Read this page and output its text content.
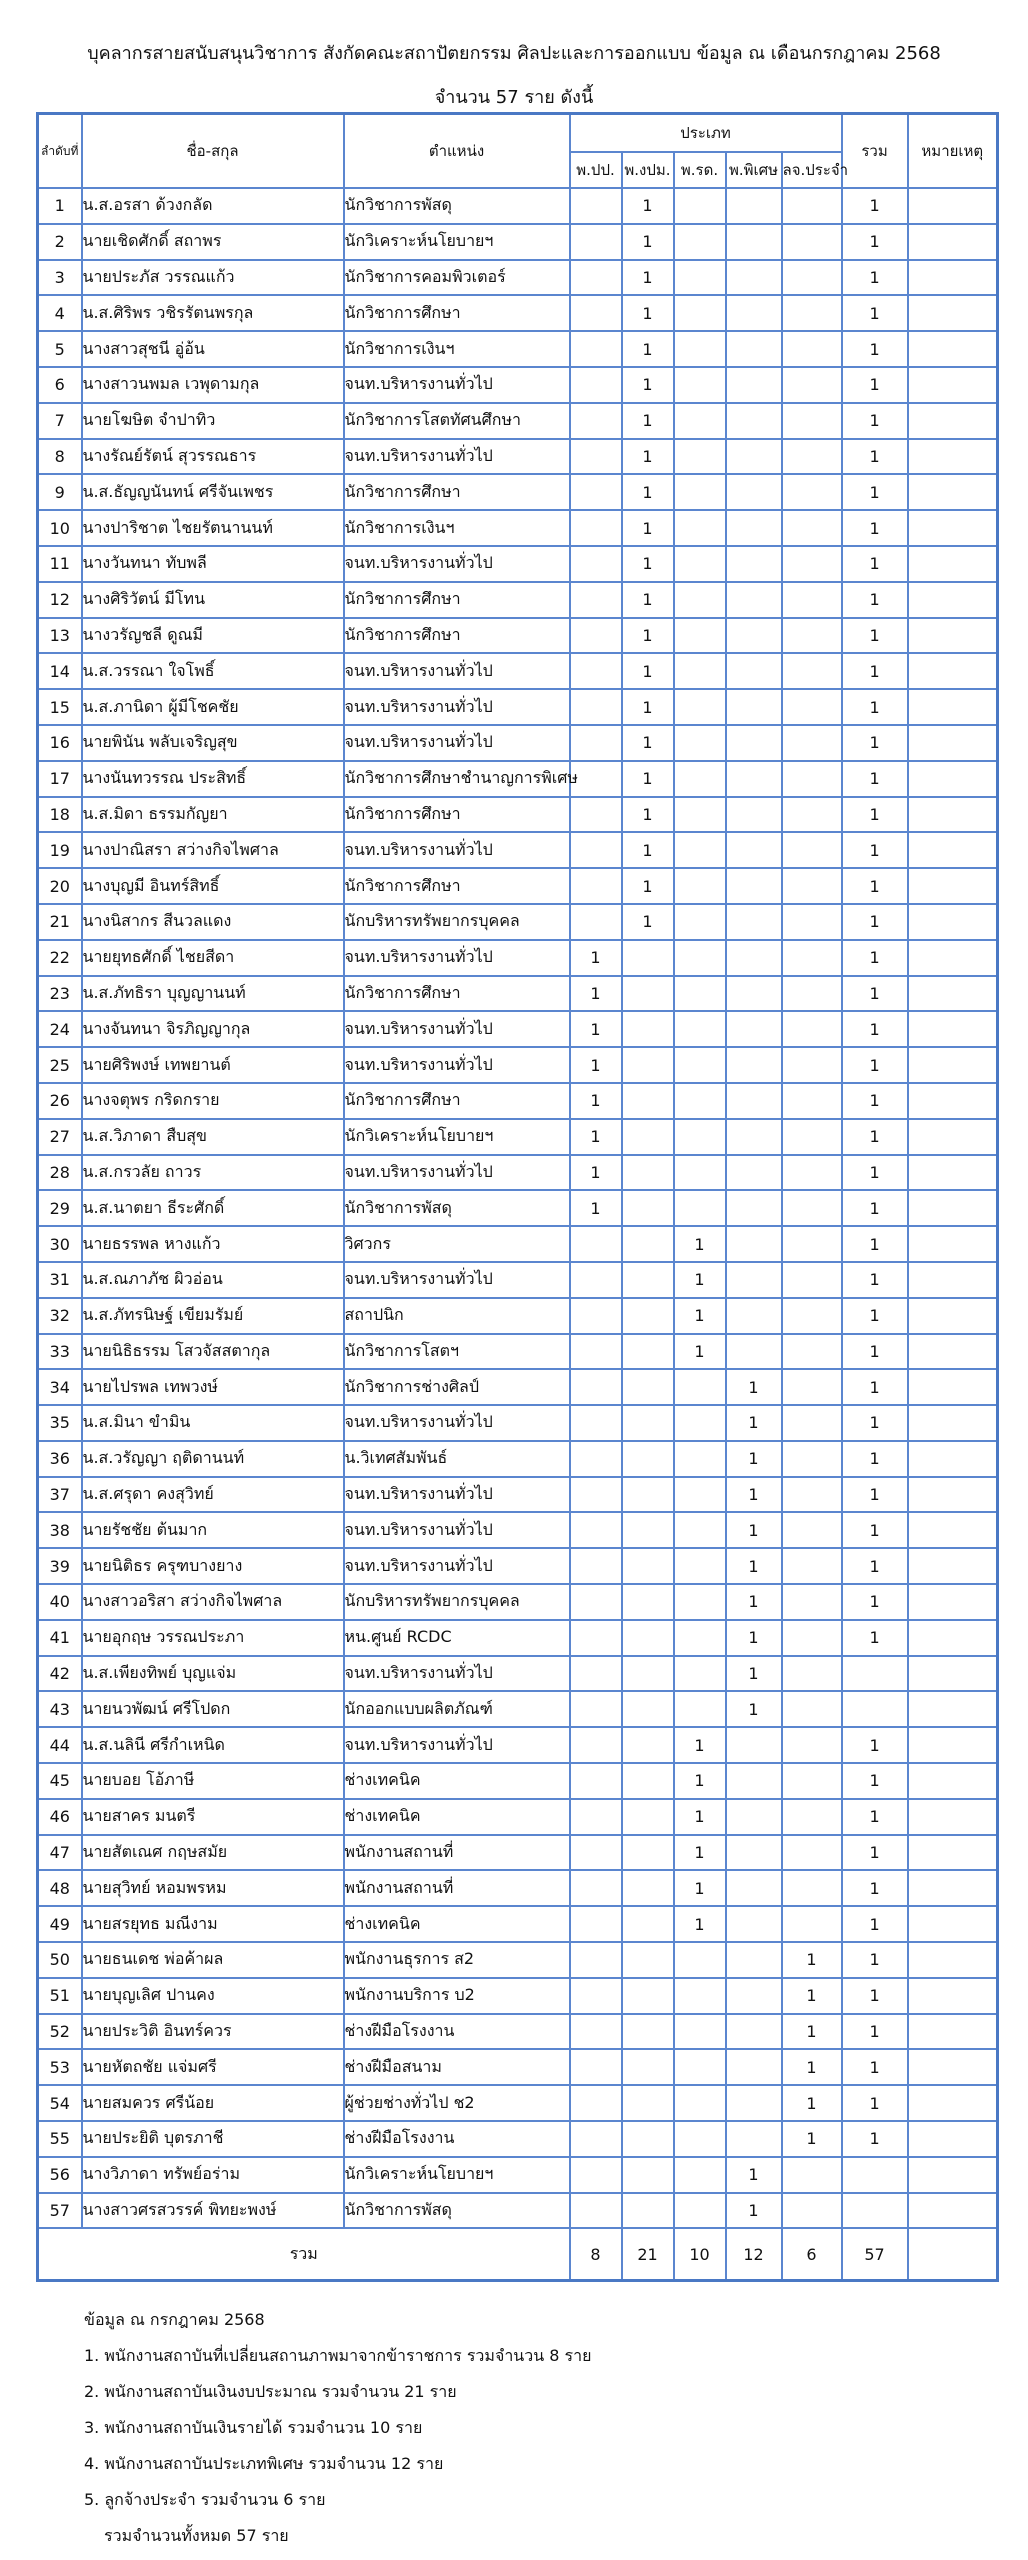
บุคลากรสายสนับสนุนวิชาการ สังกัดคณะสถาปัตยกรรม ศิลปะและการออกแบบ ข้อมูล ณ เดือนกรกฎาคม 2568
จำนวน 57 ราย ดังนี้
ลำดับที่	ชื่อ-สกุล	ตำแหน่ง	ประเภท					รวม	หมายเหตุ
			พ.ปป.	พ.งปม.	พ.รด.	พ.พิเศษ	ลจ.ประจำ		
1	น.ส.อรสา ด้วงกลัด	นักวิชาการพัสดุ		1				1	
2	นายเชิดศักดิ์ สถาพร	นักวิเคราะห์นโยบายฯ		1				1	
3	นายประภัส วรรณแก้ว	นักวิชาการคอมพิวเตอร์		1				1	
4	น.ส.ศิริพร วชิรรัตนพรกุล	นักวิชาการศึกษา		1				1	
5	นางสาวสุชนี อู่อ้น	นักวิชาการเงินฯ		1				1	
6	นางสาวนพมล เวพุดามกุล	จนท.บริหารงานทั่วไป		1				1	
7	นายโฆษิต จำปาทิว	นักวิชาการโสตทัศนศึกษา		1				1	
8	นางรัณย์รัตน์ สุวรรณธาร	จนท.บริหารงานทั่วไป		1				1	
9	น.ส.ธัญญนันทน์ ศรีจันเพชร	นักวิชาการศึกษา		1				1	
10	นางปาริชาต ไชยรัตนานนท์	นักวิชาการเงินฯ		1				1	
11	นางวันทนา ทับพลี	จนท.บริหารงานทั่วไป		1				1	
12	นางศิริวัตน์ มีโทน	นักวิชาการศึกษา		1				1	
13	นางวรัญชลี ดูณมี	นักวิชาการศึกษา		1				1	
14	น.ส.วรรณา ใจโพธิ์	จนท.บริหารงานทั่วไป		1				1	
15	น.ส.ภานิดา ผู้มีโชคชัย	จนท.บริหารงานทั่วไป		1				1	
16	นายพินัน พลับเจริญสุข	จนท.บริหารงานทั่วไป		1				1	
17	นางนันทวรรณ ประสิทธิ์	นักวิชาการศึกษาชำนาญการพิเศษ		1				1	
18	น.ส.มิดา ธรรมกัญยา	นักวิชาการศึกษา		1				1	
19	นางปาณิสรา สว่างกิจไพศาล	จนท.บริหารงานทั่วไป		1				1	
20	นางบุญมี อินทร์สิทธิ์	นักวิชาการศึกษา		1				1	
21	นางนิสากร สีนวลแดง	นักบริหารทรัพยากรบุคคล		1				1	
22	นายยุทธศักดิ์ ไชยสีดา	จนท.บริหารงานทั่วไป	1					1	
23	น.ส.ภัทธิรา บุญญานนท์	นักวิชาการศึกษา	1					1	
24	นางจันทนา จิรภิญญากุล	จนท.บริหารงานทั่วไป	1					1	
25	นายศิริพงษ์ เทพยานต์	จนท.บริหารงานทั่วไป	1					1	
26	นางจตุพร กริดกราย	นักวิชาการศึกษา	1					1	
27	น.ส.วิภาดา สืบสุข	นักวิเคราะห์นโยบายฯ	1					1	
28	น.ส.กรวลัย ถาวร	จนท.บริหารงานทั่วไป	1					1	
29	น.ส.นาตยา ธีระศักดิ์	นักวิชาการพัสดุ	1					1	
30	นายธรรพล หางแก้ว	วิศวกร			1			1	
31	น.ส.ณภาภัช ผิวอ่อน	จนท.บริหารงานทั่วไป			1			1	
32	น.ส.ภัทรนิษฐ์ เขียมรัมย์	สถาปนิก			1			1	
33	นายนิธิธรรม โสวจัสสตากุล	นักวิชาการโสตฯ			1			1	
34	นายไปรพล เทพวงษ์	นักวิชาการช่างศิลป์				1		1	
35	น.ส.มินา ขำมิน	จนท.บริหารงานทั่วไป				1		1	
36	น.ส.วรัญญา ฤติดานนท์	น.วิเทศสัมพันธ์				1		1	
37	น.ส.ศรุดา คงสุวิทย์	จนท.บริหารงานทั่วไป				1		1	
38	นายรัชชัย ต้นมาก	จนท.บริหารงานทั่วไป				1		1	
39	นายนิติธร ครุฑบางยาง	จนท.บริหารงานทั่วไป				1		1	
40	นางสาวอริสา สว่างกิจไพศาล	นักบริหารทรัพยากรบุคคล				1		1	
41	นายอุกฤษ วรรณประภา	หน.ศูนย์ RCDC				1		1	
42	น.ส.เพียงทิพย์ บุญแจ่ม	จนท.บริหารงานทั่วไป				1			
43	นายนวพัฒน์ ศรีโปดก	นักออกแบบผลิตภัณฑ์				1			
44	น.ส.นลินี ศรีกำเหนิด	จนท.บริหารงานทั่วไป			1			1	
45	นายบอย โอ้ภาษี	ช่างเทคนิค			1			1	
46	นายสาคร มนตรี	ช่างเทคนิค			1			1	
47	นายสัตเณศ กฤษสมัย	พนักงานสถานที่			1			1	
48	นายสุวิทย์ หอมพรหม	พนักงานสถานที่			1			1	
49	นายสรยุทธ มณีงาม	ช่างเทคนิค			1			1	
50	นายธนเดช พ่อค้าผล	พนักงานธุรการ ส2					1	1	
51	นายบุญเลิศ ปานคง	พนักงานบริการ บ2					1	1	
52	นายประวิติ อินทร์ควร	ช่างฝีมือโรงงาน					1	1	
53	นายหัตถชัย แจ่มศรี	ช่างฝีมือสนาม					1	1	
54	นายสมควร ศรีน้อย	ผู้ช่วยช่างทั่วไป ช2					1	1	
55	นายประยิติ บุตรภาชี	ช่างฝีมือโรงงาน					1	1	
56	นางวิภาดา ทรัพย์อร่าม	นักวิเคราะห์นโยบายฯ				1			
57	นางสาวศรสวรรค์ พิทยะพงษ์	นักวิชาการพัสดุ				1			
รวม			8	21	10	12	6	57	
ข้อมูล ณ กรกฎาคม 2568
1. พนักงานสถาบันที่เปลี่ยนสถานภาพมาจากข้าราชการ รวมจำนวน 8 ราย
2. พนักงานสถาบันเงินงบประมาณ รวมจำนวน 21 ราย
3. พนักงานสถาบันเงินรายได้ รวมจำนวน 10 ราย
4. พนักงานสถาบันประเภทพิเศษ รวมจำนวน 12 ราย
5. ลูกจ้างประจำ รวมจำนวน 6 ราย
รวมจำนวนทั้งหมด 57 ราย
